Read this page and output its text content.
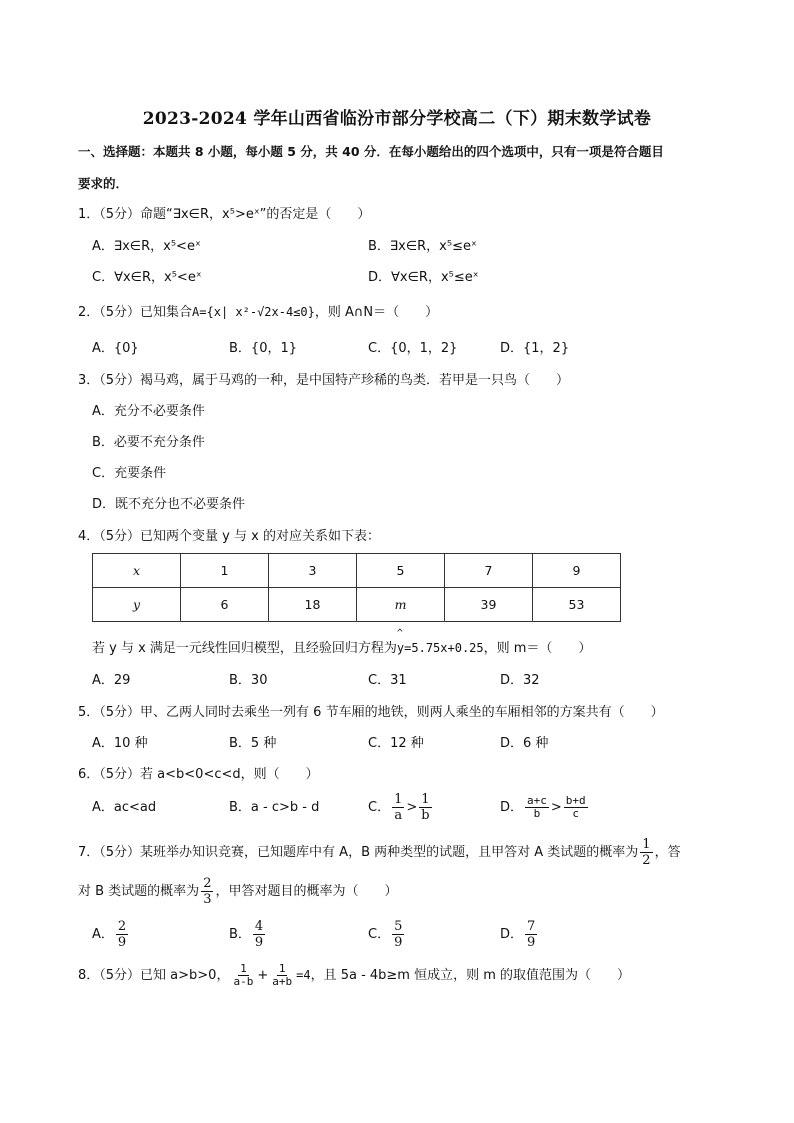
2023-2024 学年山西省临汾市部分学校高二（下）期末数学试卷
一、选择题：本题共 8 小题，每小题 5 分，共 40 分．在每小题给出的四个选项中，只有一项是符合题目
要求的．
1．（5分）命题“∃x∈R，x⁵>eˣ”的否定是（　　）
A．∃x∈R，x⁵<eˣ	B．∃x∈R，x⁵≤eˣ
C．∀x∈R，x⁵<eˣ	D．∀x∈R，x⁵≤eˣ
2．（5分）已知集合A={x| x²-√2x-4≤0}，则 A∩N＝（　　）
A．{0}	B．{0，1}	C．{0，1，2}	D．{1，2}
3．（5分）褐马鸡，属于马鸡的一种，是中国特产珍稀的鸟类．若甲是一只鸟（　　）
A．充分不必要条件
B．必要不充分条件
C．充要条件
D．既不充分也不必要条件
4．（5分）已知两个变量 y 与 x 的对应关系如下表：
x	1	3	5	7	9
y	6	18	m	39	53
若 y 与 x 满足一元线性回归模型，且经验回归方程为^ y=5.75x+0.25，则 m＝（　　）
A．29	B．30	C．31	D．32
5．（5分）甲、乙两人同时去乘坐一列有 6 节车厢的地铁，则两人乘坐的车厢相邻的方案共有（　　）
A．10 种	B．5 种	C．12 种	D．6 种
6．（5分）若 a<b<0<c<d，则（　　）
A．ac<ad	B．a - c>b - d	C． $\frac{1}{a} > \frac{1}{b}$	D． $\frac{a+c}{b} > \frac{b+d}{c}$
7．（5分）某班举办知识竞赛，已知题库中有 A，B 两种类型的试题，且甲答对 A 类试题的概率为 $\frac{1}{2}$ ，答
对 B 类试题的概率为 $\frac{2}{3}$ ，甲答对题目的概率为（　　）
A． $\frac{2}{9}$	B． $\frac{4}{9}$	C． $\frac{5}{9}$	D． $\frac{7}{9}$
8．（5分）已知 a>b>0， $\frac{1}{a-b} + \frac{1}{a+b} =4$，且 5a - 4b≥m 恒成立，则 m 的取值范围为（　　）
